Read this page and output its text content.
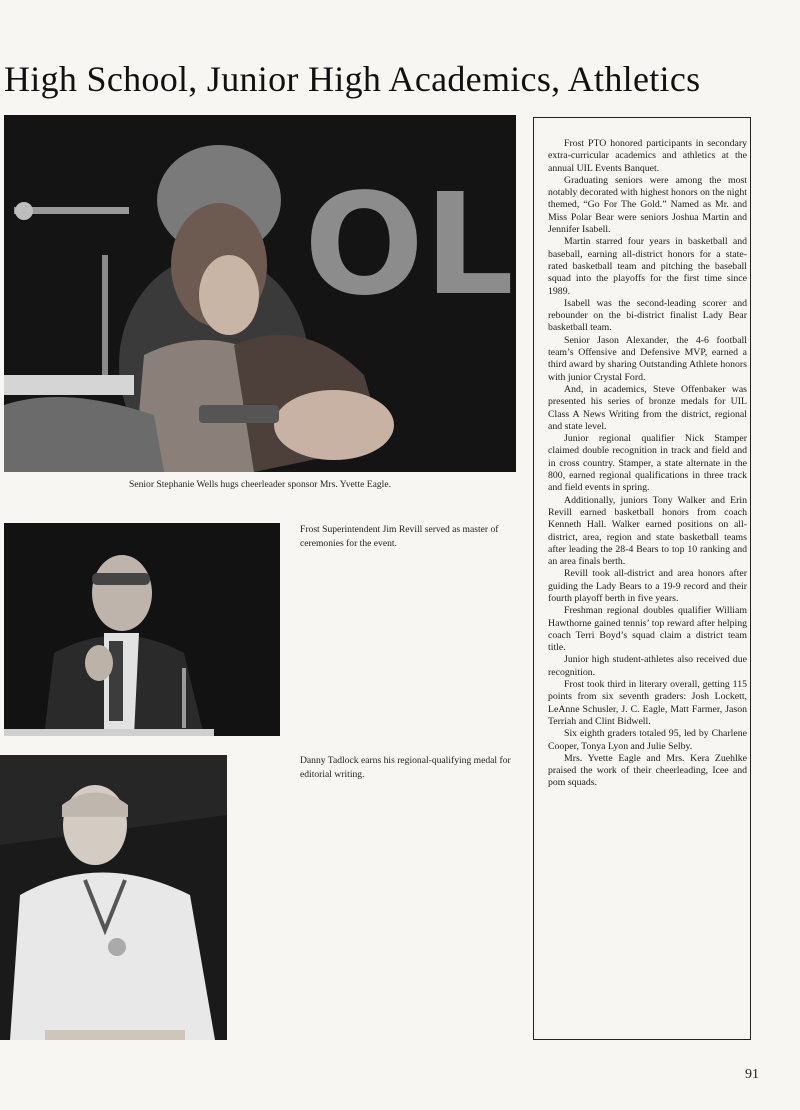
High School, Junior High Academics, Athletics
OL
Senior Stephanie Wells hugs cheerleader sponsor Mrs. Yvette Eagle.
Frost Superintendent Jim Revill served as master of ceremonies for the event.
Danny Tadlock earns his regional-qualifying medal for editorial writing.

Frost PTO honored participants in secondary extra-curricular academics and athletics at the annual UIL Events Banquet.

Graduating seniors were among the most notably decorated with highest honors on the night themed, “Go For The Gold.” Named as Mr. and Miss Polar Bear were seniors Joshua Martin and Jennifer Isabell.

Martin starred four years in basketball and baseball, earning all-district honors for a state-rated basketball team and pitching the baseball squad into the playoffs for the first time since 1989.

Isabell was the second-leading scorer and rebounder on the bi-district finalist Lady Bear basketball team.

Senior Jason Alexander, the 4-6 football team’s Offensive and Defensive MVP, earned a third award by sharing Outstanding Athlete honors with junior Crystal Ford.

And, in academics, Steve Offenbaker was presented his series of bronze medals for UIL Class A News Writing from the district, regional and state level.

Junior regional qualifier Nick Stamper claimed double recognition in track and field and in cross country. Stamper, a state alternate in the 800, earned regional qualifications in three track and field events in spring.

Additionally, juniors Tony Walker and Erin Revill earned basketball honors from coach Kenneth Hall. Walker earned positions on all-district, area, region and state basketball teams after leading the 28-4 Bears to top 10 ranking and an area finals berth.

Revill took all-district and area honors after guiding the Lady Bears to a 19-9 record and their fourth playoff berth in five years.

Freshman regional doubles qualifier William Hawthorne gained tennis’ top reward after helping coach Terri Boyd’s squad claim a district team title.

Junior high student-athletes also received due recognition.

Frost took third in literary overall, getting 115 points from six seventh graders: Josh Lockett, LeAnne Schusler, J. C. Eagle, Matt Farmer, Jason Terriah and Clint Bidwell.

Six eighth graders totaled 95, led by Charlene Cooper, Tonya Lyon and Julie Selby.

Mrs. Yvette Eagle and Mrs. Kera Zuehlke praised the work of their cheerleading, Icee and pom squads.

91
